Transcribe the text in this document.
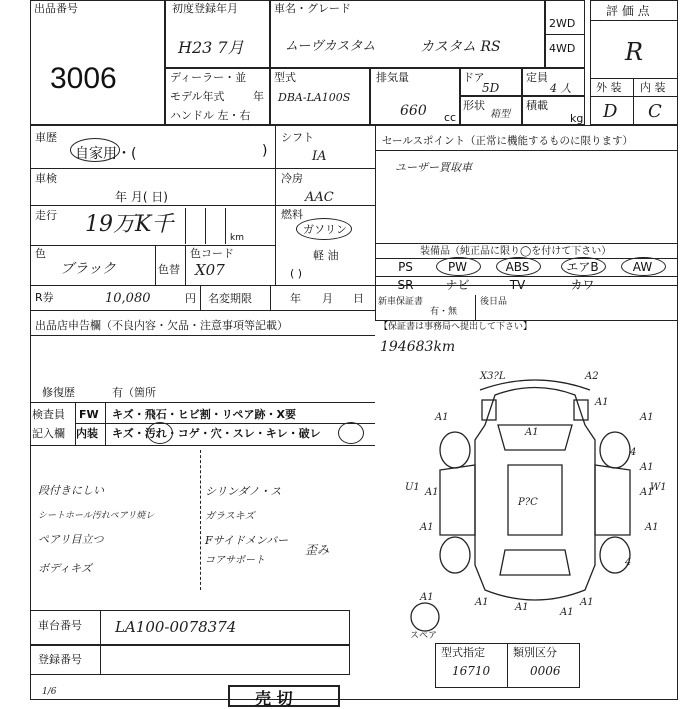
出品番号
3006
初度登録年月
H23 7月
車名・グレード
ムーヴカスタム	カスタム RS
2WD
4WD
評 価 点
R
外 装 内 装
D C
ディーラー・並
モデル年式	年
ハンドル 左・右
型式
DBA-LA100S
排気量
660 cc
ドア
5D
定員
4 人
形状
箱型
積載
kg
車歴
自家用・(	)
車検
年 月( 日)
走行 19万K千
km
色
ブラック	色替
色コード
X07
シフト
IA
冷房
AAC
燃料
ガソリン
軽 油
( )
セールスポイント（正常に機能するものに限ります）
ユーザー買取車
装備品（純正品に限り◯を付けて下さい）
PS	PW	ABS	エアB	AW
SR	ナビ	TV	カワ
R券	10,080	円 名変期限	年 月 日 新車保証書
有・無
後日品
【保証書は事務局へ提出して下さい】
194683km
出品店申告欄（不良内容・欠品・注意事項等記載）
修復歴	有（箇所
検査員 FW キズ・飛石・ヒビ割・リペア跡・X要
記入欄 内装 キズ・汚れ・コゲ・穴・スレ・キレ・破レ
段付きにしい
シートホール汚れペアリ焼レ
ペアリ目立つ
ボディキズ
シリンダノ・ス
ガラスキズ
Fサイドメンバー
コアサポート
歪み
X3?L	A2
A1
A1
A1
A1
A1
A1
A1	A1
A1	A1
U1
A1
A1
A1	A1
P?C
W1
4
4
スペア
型式指定
16710
類別区分
0006
車台番号 LA100-0078374
登録番号
1/6	売 切
